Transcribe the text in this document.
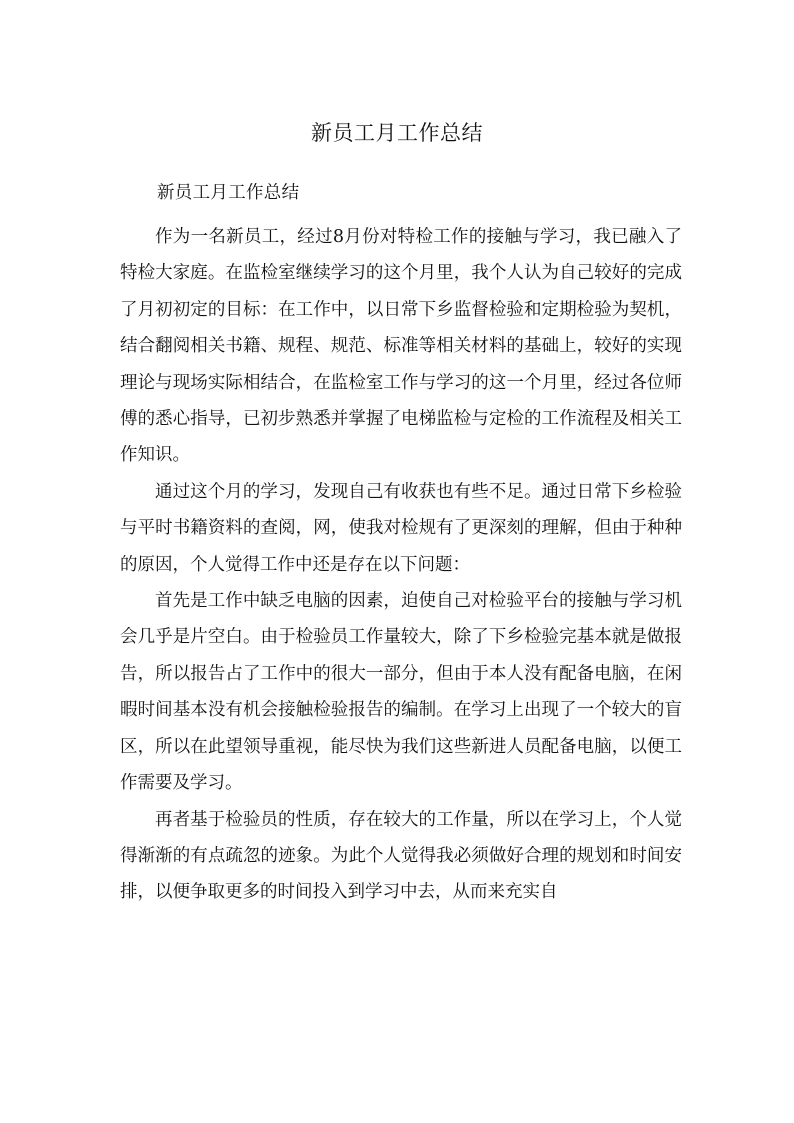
新员工月工作总结
新员工月工作总结

作为一名新员工，经过8月份对特检工作的接触与学习，我已融入了特检大家庭。在监检室继续学习的这个月里，我个人认为自己较好的完成了月初初定的目标：在工作中，以日常下乡监督检验和定期检验为契机，结合翻阅相关书籍、规程、规范、标准等相关材料的基础上，较好的实现理论与现场实际相结合，在监检室工作与学习的这一个月里，经过各位师傅的悉心指导，已初步熟悉并掌握了电梯监检与定检的工作流程及相关工作知识。

通过这个月的学习，发现自己有收获也有些不足。通过日常下乡检验与平时书籍资料的查阅，网，使我对检规有了更深刻的理解，但由于种种的原因，个人觉得工作中还是存在以下问题：

首先是工作中缺乏电脑的因素，迫使自己对检验平台的接触与学习机会几乎是片空白。由于检验员工作量较大，除了下乡检验完基本就是做报告，所以报告占了工作中的很大一部分，但由于本人没有配备电脑，在闲暇时间基本没有机会接触检验报告的编制。在学习上出现了一个较大的盲区，所以在此望领导重视，能尽快为我们这些新进人员配备电脑，以便工作需要及学习。

再者基于检验员的性质，存在较大的工作量，所以在学习上，个人觉得渐渐的有点疏忽的迹象。为此个人觉得我必须做好合理的规划和时间安排，以便争取更多的时间投入到学习中去，从而来充实自
